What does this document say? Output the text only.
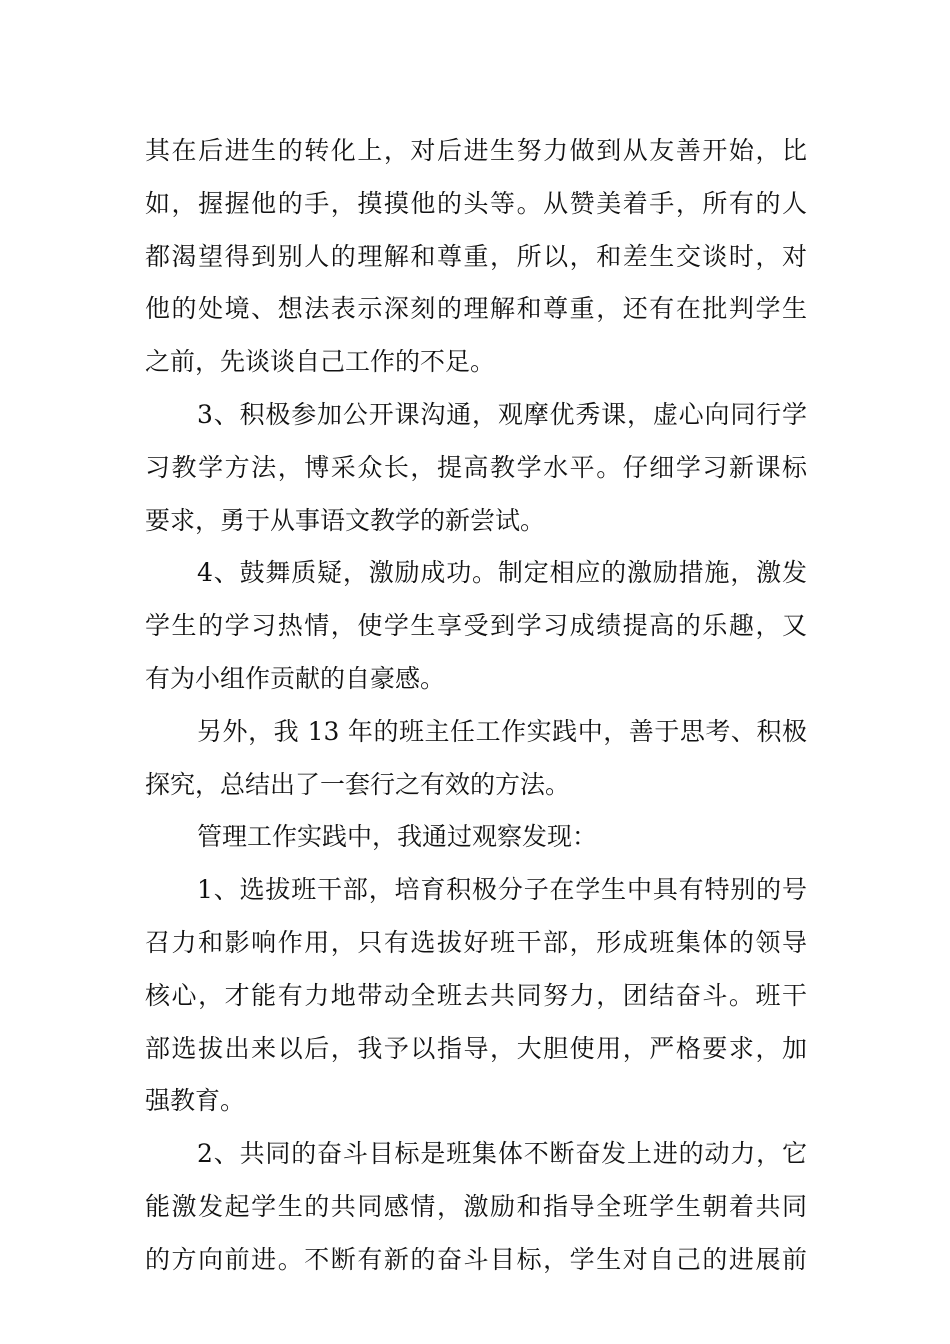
其在后进生的转化上，对后进生努力做到从友善开始，比
如，握握他的手，摸摸他的头等。从赞美着手，所有的人
都渴望得到别人的理解和尊重，所以，和差生交谈时，对
他的处境、想法表示深刻的理解和尊重，还有在批判学生
之前，先谈谈自己工作的不足。
3、积极参加公开课沟通，观摩优秀课，虚心向同行学
习教学方法，博采众长，提高教学水平。仔细学习新课标
要求，勇于从事语文教学的新尝试。
4、鼓舞质疑，激励成功。制定相应的激励措施，激发
学生的学习热情，使学生享受到学习成绩提高的乐趣，又
有为小组作贡献的自豪感。
另外，我 13 年的班主任工作实践中，善于思考、积极
探究，总结出了一套行之有效的方法。
管理工作实践中，我通过观察发现：
1、选拔班干部，培育积极分子在学生中具有特别的号
召力和影响作用，只有选拔好班干部，形成班集体的领导
核心，才能有力地带动全班去共同努力，团结奋斗。班干
部选拔出来以后，我予以指导，大胆使用，严格要求，加
强教育。
2、共同的奋斗目标是班集体不断奋发上进的动力，它
能激发起学生的共同感情，激励和指导全班学生朝着共同
的方向前进。不断有新的奋斗目标，学生对自己的进展前
